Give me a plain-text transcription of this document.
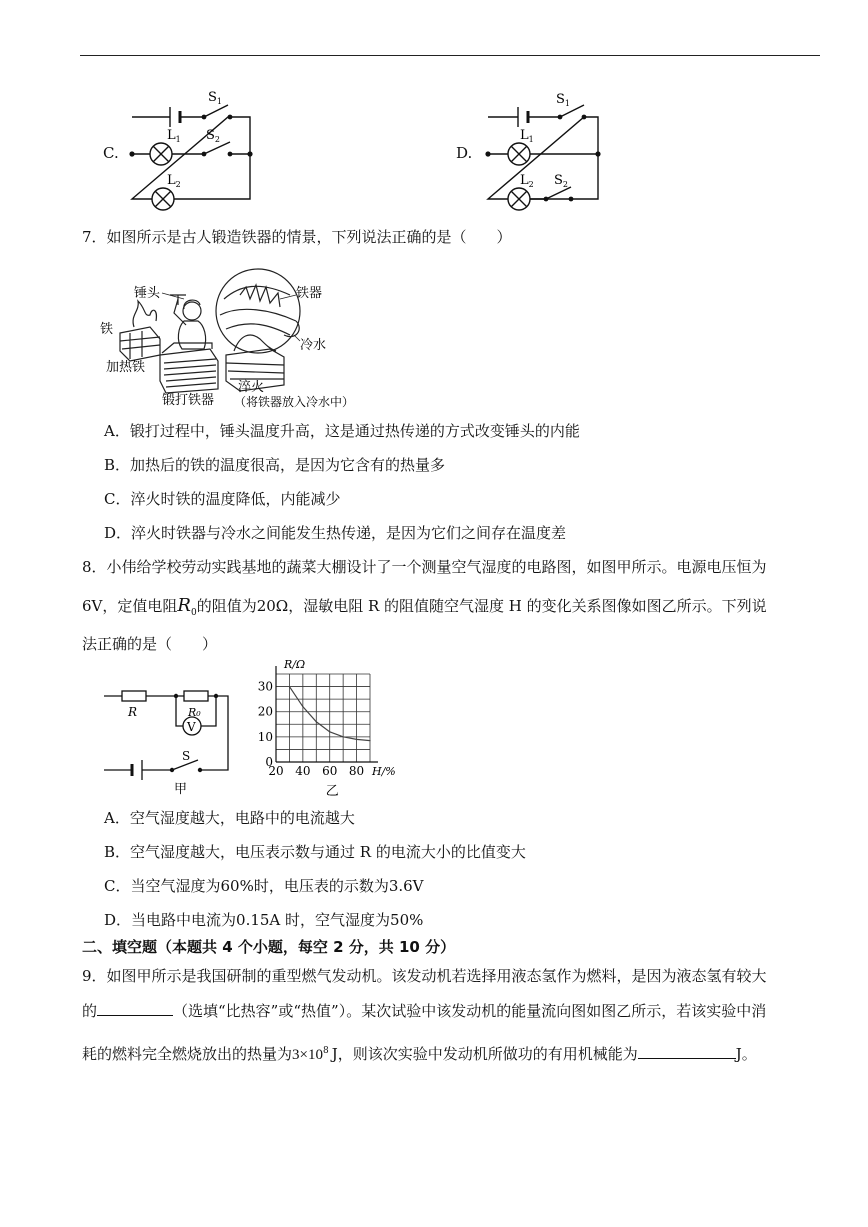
C.
$S_1$
$S_2$
$L_1$
$L_2$
D.
$S_1$
$L_1$
$L_2$ $S_2$
7．如图所示是古人锻造铁器的情景，下列说法正确的是（　　）
锤头
铁
加热铁
铁器
冷水
锻打铁器
淬火
（将铁器放入冷水中）
A．锻打过程中，锤头温度升高，这是通过热传递的方式改变锤头的内能
B．加热后的铁的温度很高，是因为它含有的热量多
C．淬火时铁的温度降低，内能减少
D．淬火时铁器与冷水之间能发生热传递，是因为它们之间存在温度差
8．小伟给学校劳动实践基地的蔬菜大棚设计了一个测量空气湿度的电路图，如图甲所示。电源电压恒为
6V，定值电阻$R_0$的阻值为20Ω，湿敏电阻 R 的阻值随空气湿度 H 的变化关系图像如图乙所示。下列说
法正确的是（　　）
R	R₀
V
S
甲
20 40 60 80
0
10
20
30
R/Ω
H/%
乙
A．空气湿度越大，电路中的电流越大
B．空气湿度越大，电压表示数与通过 R 的电流大小的比值变大
C．当空气湿度为60%时，电压表的示数为3.6V
D．当电路中电流为0.15A 时，空气湿度为50%
二、填空题（本题共 4 个小题，每空 2 分，共 10 分）
9．如图甲所示是我国研制的重型燃气发动机。该发动机若选择用液态氢作为燃料，是因为液态氢有较大
的	（选填“比热容”或“热值”）。某次试验中该发动机的能量流向图如图乙所示，若该实验中消
耗的燃料完全燃烧放出的热量为$3\times 10^8$  J，则该次实验中发动机所做功的有用机械能为	J。
